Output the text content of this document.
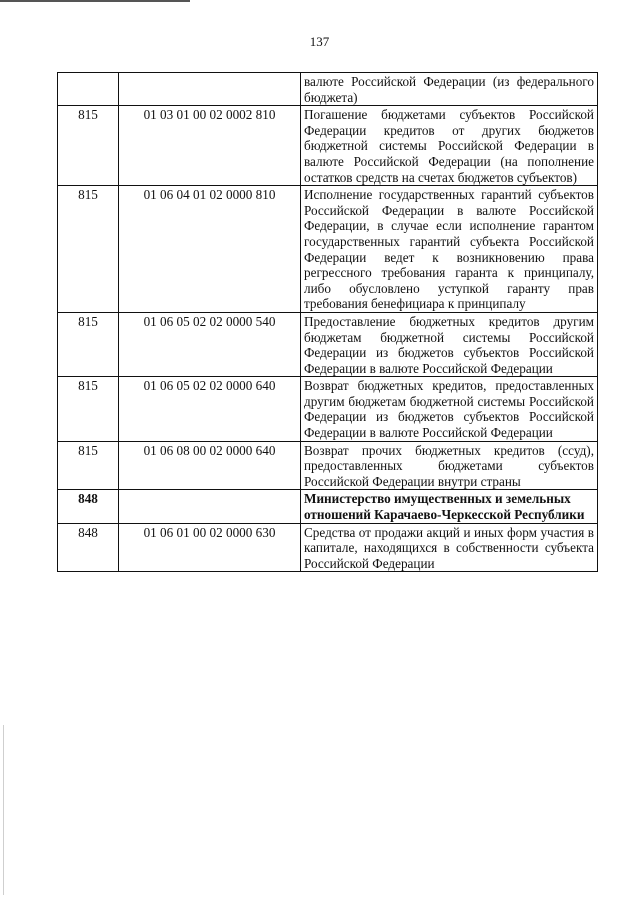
137
		валюте Российской Федерации (из федерального бюджета)
815	01 03 01 00 02 0002 810	Погашение бюджетами субъектов Российской Федерации кредитов от других бюджетов бюджетной системы Российской Федерации в валюте Российской Федерации (на пополнение остатков средств на счетах бюджетов субъектов)
815	01 06 04 01 02 0000 810	Исполнение государственных гарантий субъектов Российской Федерации в валюте Российской Федерации, в случае если исполнение гарантом государственных гарантий субъекта Российской Федерации ведет к возникновению права регрессного требования гаранта к принципалу, либо обусловлено уступкой гаранту прав требования бенефициара к принципалу
815	01 06 05 02 02 0000 540	Предоставление бюджетных кредитов другим бюджетам бюджетной системы Российской Федерации из бюджетов субъектов Российской Федерации в валюте Российской Федерации
815	01 06 05 02 02 0000 640	Возврат бюджетных кредитов, предоставленных другим бюджетам бюджетной системы Российской Федерации из бюджетов субъектов Российской Федерации в валюте Российской Федерации
815	01 06 08 00 02 0000 640	Возврат прочих бюджетных кредитов (ссуд), предоставленных бюджетами субъектов Российской Федерации внутри страны
848		Министерство имущественных и земельных отношений Карачаево-Черкесской Республики
848	01 06 01 00 02 0000 630	Средства от продажи акций и иных форм участия в капитале, находящихся в собственности субъекта Российской Федерации
